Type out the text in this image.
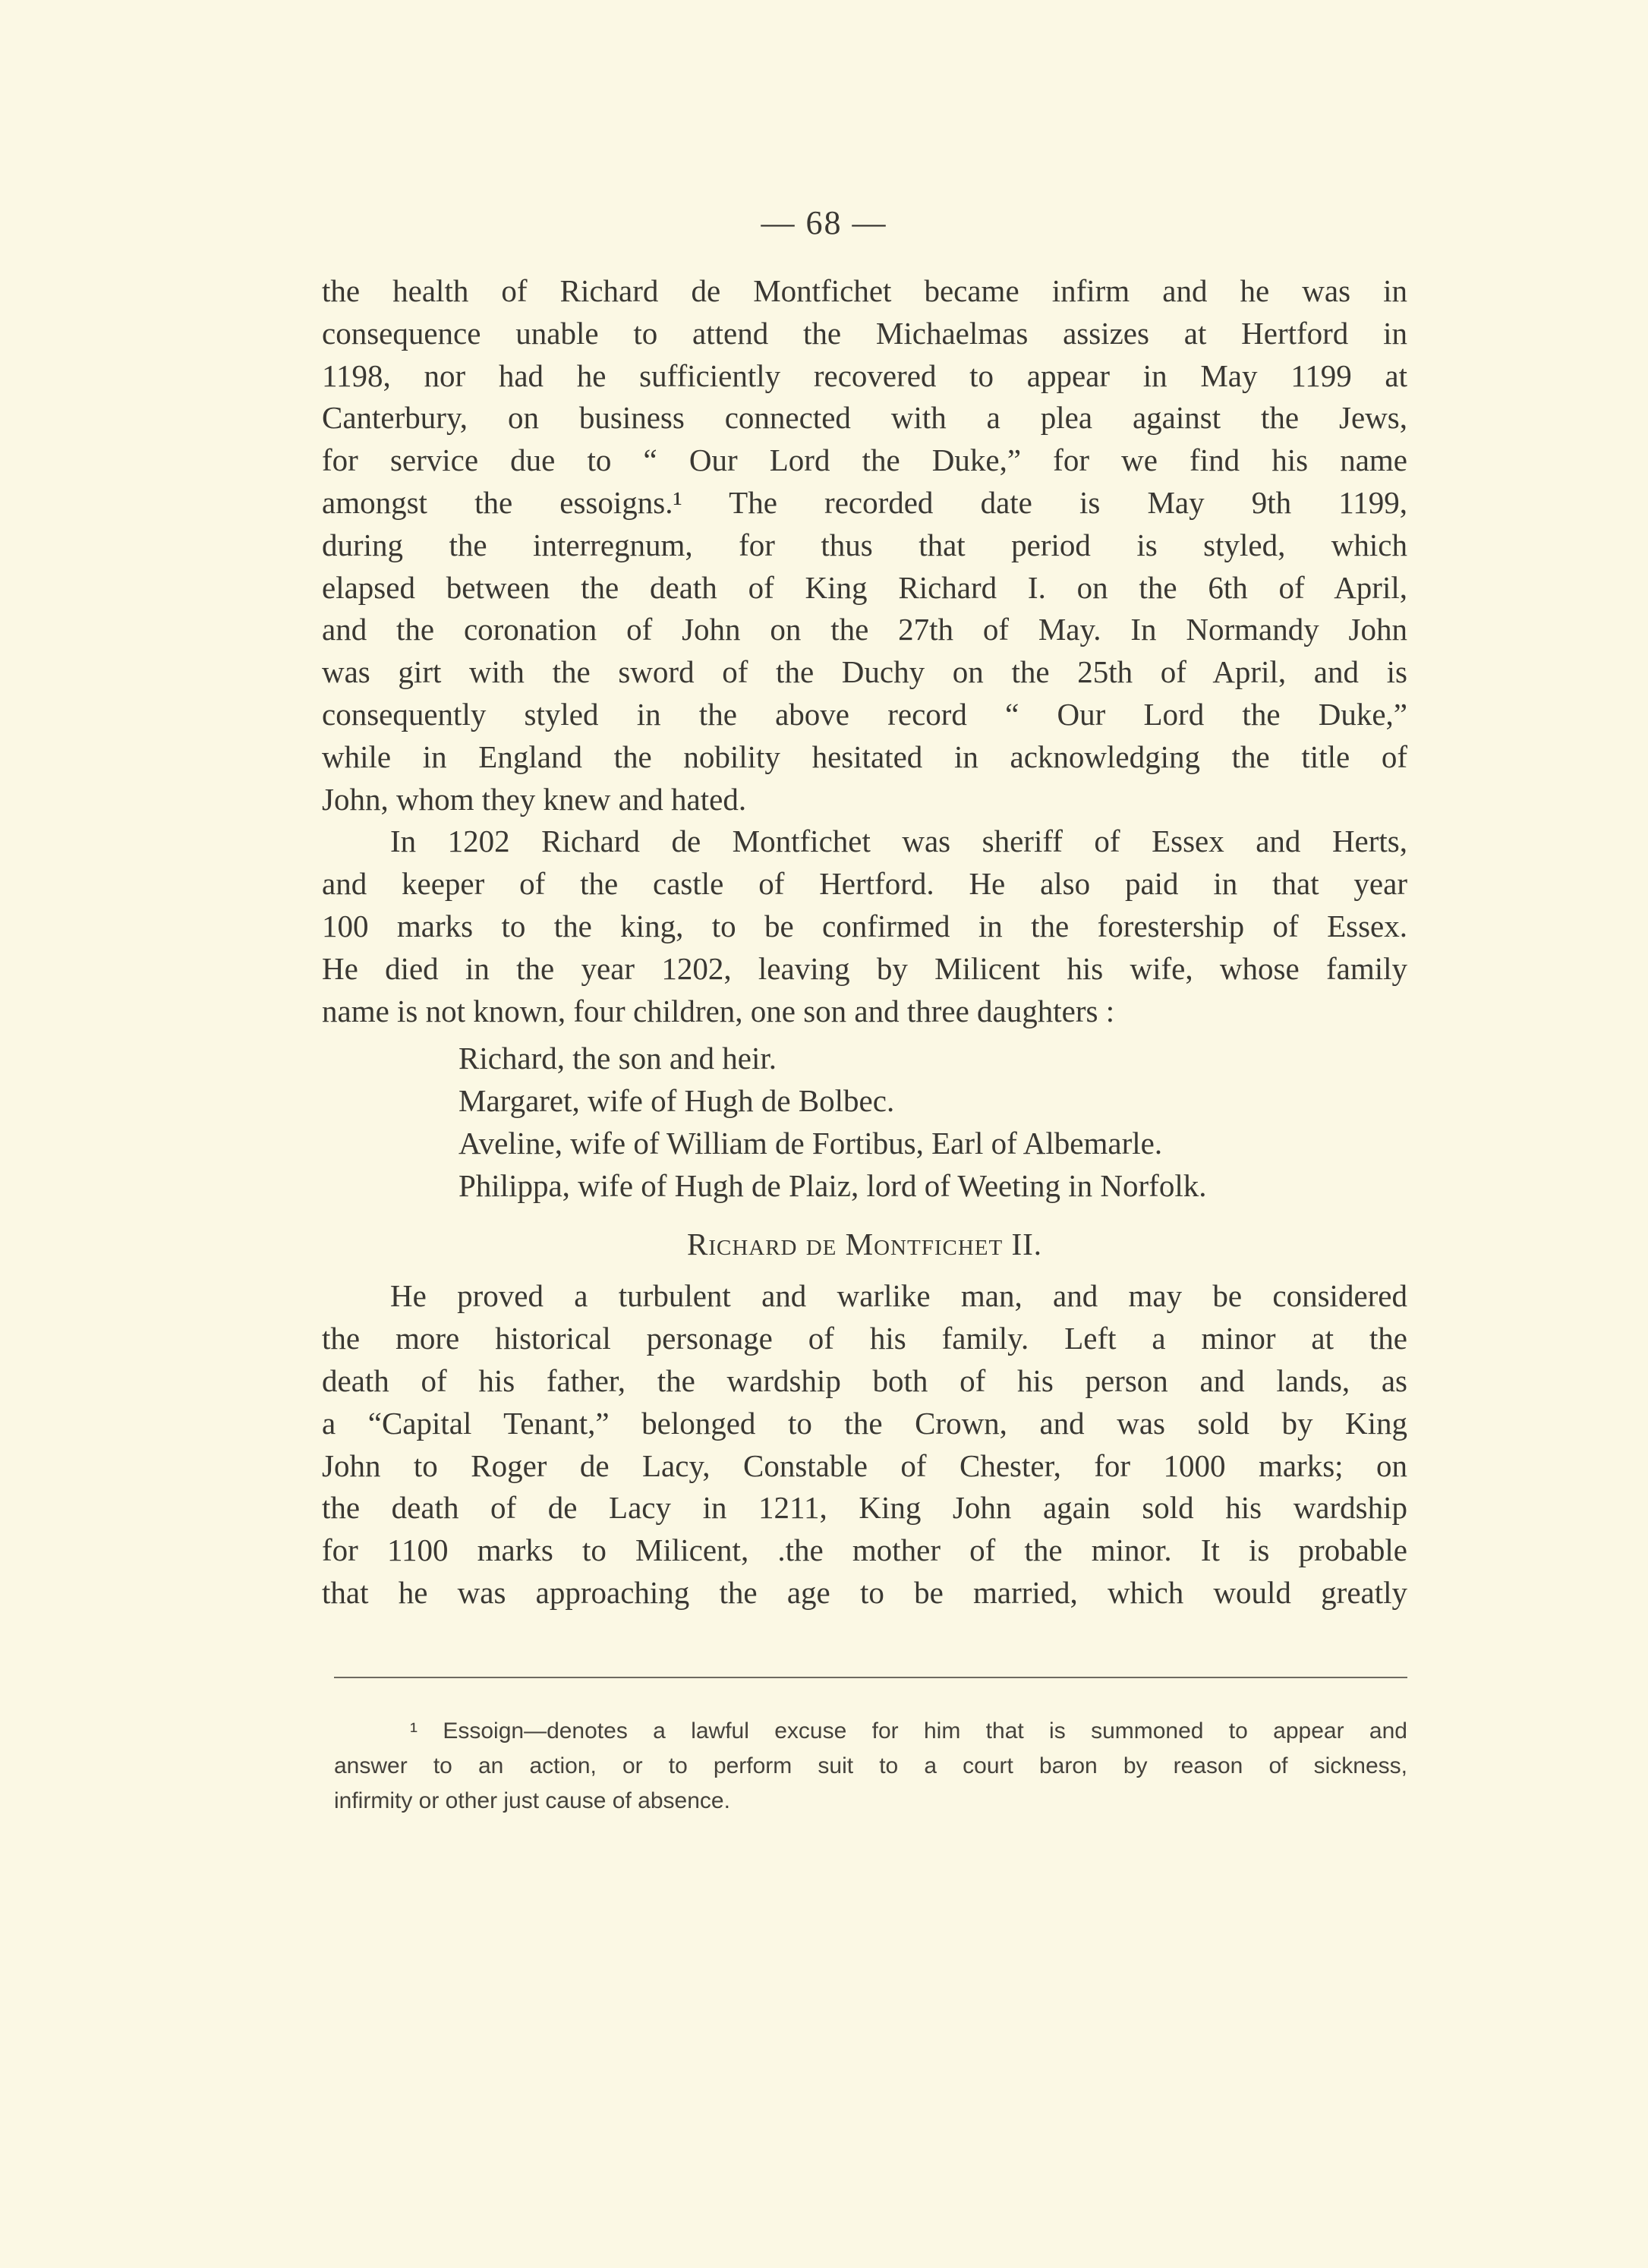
— 68 —
the health of Richard de Montfichet became infirm and he was in
consequence unable to attend the Michaelmas assizes at Hertford in
1198, nor had he sufficiently recovered to appear in May 1199 at
Canterbury, on business connected with a plea against the Jews,
for service due to “ Our Lord the Duke,” for we find his name
amongst the essoigns.¹ The recorded date is May 9th 1199,
during the interregnum, for thus that period is styled, which
elapsed between the death of King Richard I. on the 6th of April,
and the coronation of John on the 27th of May. In Normandy John
was girt with the sword of the Duchy on the 25th of April, and is
consequently styled in the above record “ Our Lord the Duke,”
while in England the nobility hesitated in acknowledging the title of
John, whom they knew and hated.
In 1202 Richard de Montfichet was sheriff of Essex and Herts,
and keeper of the castle of Hertford. He also paid in that year
100 marks to the king, to be confirmed in the forestership of Essex.
He died in the year 1202, leaving by Milicent his wife, whose family
name is not known, four children, one son and three daughters :
Richard, the son and heir.
Margaret, wife of Hugh de Bolbec.
Aveline, wife of William de Fortibus, Earl of Albemarle.
Philippa, wife of Hugh de Plaiz, lord of Weeting in Norfolk.
Richard de Montfichet II.
He proved a turbulent and warlike man, and may be considered
the more historical personage of his family. Left a minor at the
death of his father, the wardship both of his person and lands, as
a “Capital Tenant,” belonged to the Crown, and was sold by King
John to Roger de Lacy, Constable of Chester, for 1000 marks; on
the death of de Lacy in 1211, King John again sold his wardship
for 1100 marks to Milicent, .the mother of the minor. It is probable
that he was approaching the age to be married, which would greatly
¹ Essoign—denotes a lawful excuse for him that is summoned to appear and
answer to an action, or to perform suit to a court baron by reason of sickness,
infirmity or other just cause of absence.
